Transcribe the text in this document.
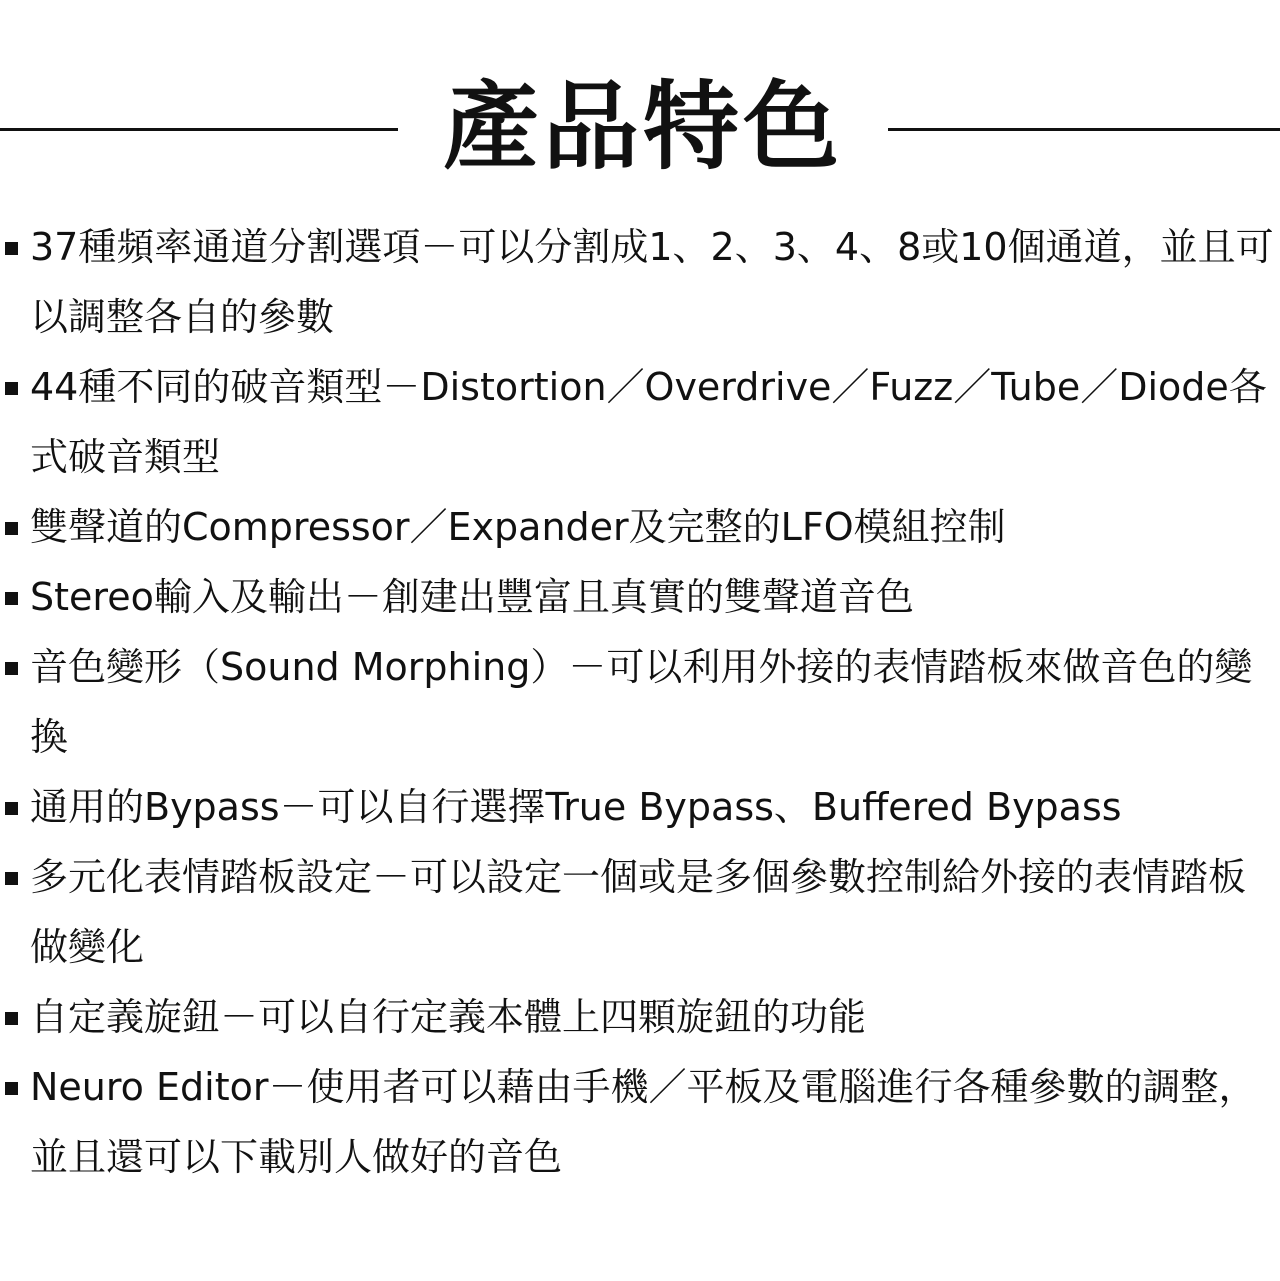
產品特色
37種頻率通道分割選項－可以分割成1、2、3、4、8或10個通道，並且可以調整各自的參數
44種不同的破音類型－Distortion／Overdrive／Fuzz／Tube／Diode各式破音類型
雙聲道的Compressor／Expander及完整的LFO模組控制
Stereo輸入及輸出－創建出豐富且真實的雙聲道音色
音色變形（Sound Morphing）－可以利用外接的表情踏板來做音色的變換
通用的Bypass－可以自行選擇True Bypass、Buffered Bypass
多元化表情踏板設定－可以設定一個或是多個參數控制給外接的表情踏板做變化
自定義旋鈕－可以自行定義本體上四顆旋鈕的功能
Neuro Editor－使用者可以藉由手機／平板及電腦進行各種參數的調整，並且還可以下載別人做好的音色
